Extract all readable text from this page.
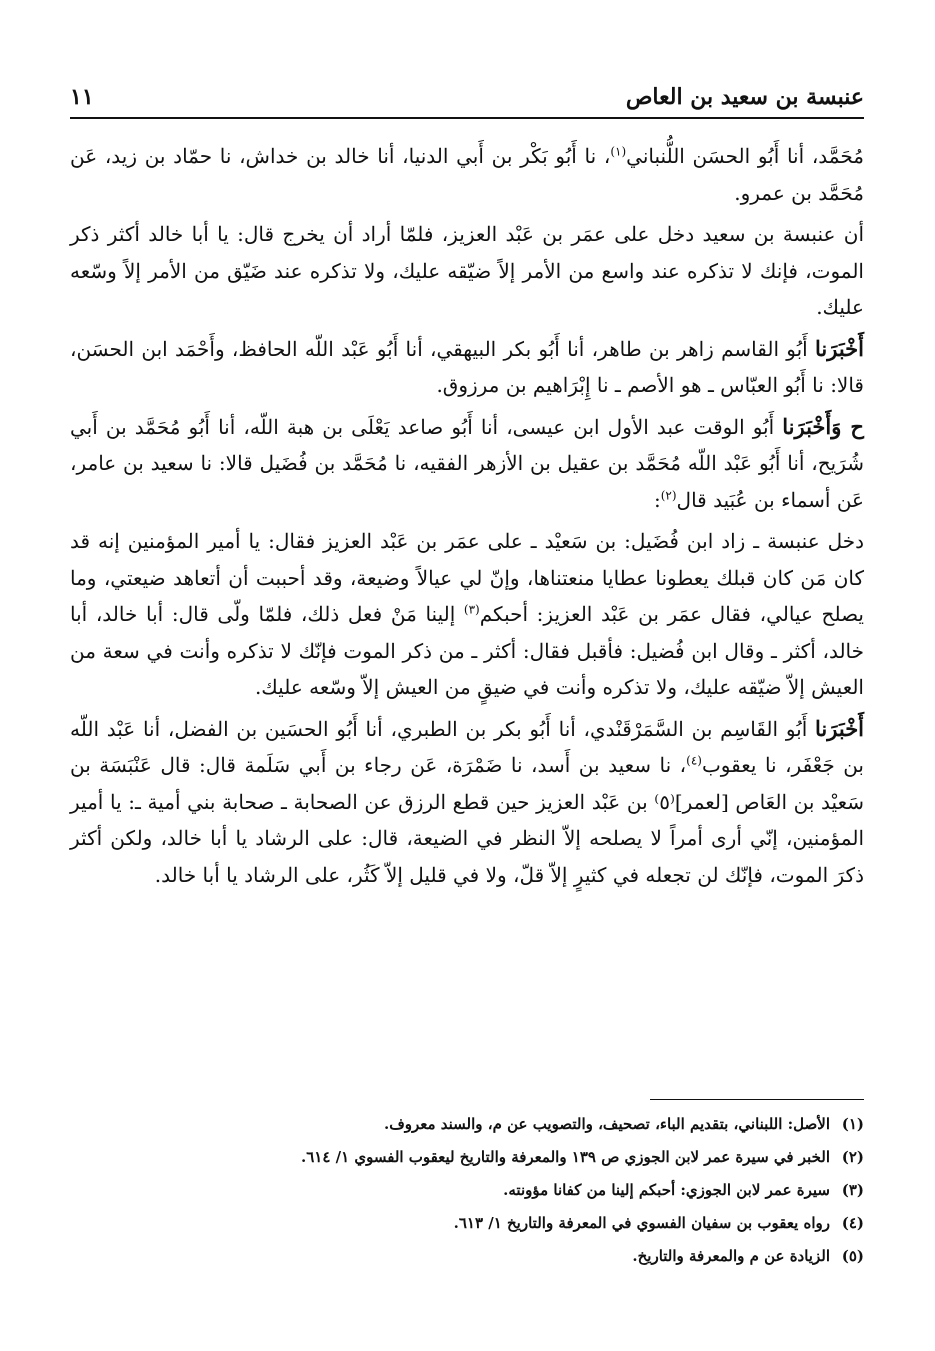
عنبسة بن سعيد بن العاص
١١

مُحَمَّد، أنا أَبُو الحسَن اللُّنباني$^{(١)}$، نا أَبُو بَكْر بن أَبي الدنيا، أنا خالد بن خداش، نا حمّاد بن زيد، عَن مُحَمَّد بن عمرو.

أن عنبسة بن سعيد دخل على عمَر بن عَبْد العزيز، فلمّا أراد أن يخرج قال: يا أبا خالد أكثر ذكر الموت، فإنك لا تذكره عند واسع من الأمر إلاً ضيّقه عليك، ولا تذكره عند ضَيّق من الأمر إلاً وسّعه عليك.

أَخْبَرَنا أَبُو القاسم زاهر بن طاهر، أنا أَبُو بكر البيهقي، أنا أَبُو عَبْد اللّه الحافظ، وأَحْمَد ابن الحسَن، قالا: نا أَبُو العبّاس ـ هو الأصم ـ نا إِبْرَاهيم بن مرزوق.

ح وَأَخْبَرَنا أَبُو الوقت عبد الأول ابن عيسى، أنا أَبُو صاعد يَعْلَى بن هبة اللّه، أنا أَبُو مُحَمَّد بن أَبي شُرَيح، أنا أَبُو عَبْد اللّه مُحَمَّد بن عقيل بن الأزهر الفقيه، نا مُحَمَّد بن فُضَيل قالا: نا سعيد بن عامر، عَن أسماء بن عُبَيد قال$^{(٢)}$:

دخل عنبسة ـ زاد ابن فُضَيل: بن سَعيْد ـ على عمَر بن عَبْد العزيز فقال: يا أمير المؤمنين إنه قد كان مَن كان قبلك يعطونا عطايا منعتناها، وإنّ لي عيالاً وضيعة، وقد أحببت أن أتعاهد ضيعتي، وما يصلح عيالي، فقال عمَر بن عَبْد العزيز: أحبكم$^{(٣)}$ إلينا مَنْ فعل ذلك، فلمّا ولّى قال: أبا خالد، أبا خالد، أكثر ـ وقال ابن فُضيل: فأقبل فقال: أكثر ـ من ذكر الموت فإنّك لا تذكره وأنت في سعة من العيش إلاّ ضيّقه عليك، ولا تذكره وأنت في ضيقٍ من العيش إلاّ وسّعه عليك.

أَخْبَرَنا أَبُو القَاسِم بن السَّمَرْقَنْدي، أنا أَبُو بكر بن الطبري، أنا أَبُو الحسَين بن الفضل، أنا عَبْد اللّه بن جَعْفَر، نا يعقوب$^{(٤)}$، نا سعيد بن أَسد، نا ضَمْرَة، عَن رجاء بن أَبي سَلَمة قال: قال عَنْبَسَة بن سَعيْد بن العَاص [لعمر]⁽٥⁾ بن عَبْد العزيز حين قطع الرزق عن الصحابة ـ صحابة بني أمية ـ: يا أمير المؤمنين، إنّي أرى أمراً لا يصلحه إلاّ النظر في الضيعة، قال: على الرشاد يا أبا خالد، ولكن أكثر ذكرَ الموت، فإنّك لن تجعله في كثيرٍ إلاّ قلّ، ولا في قليل إلاّ كَثُر، على الرشاد يا أبا خالد.

(١)الأصل: اللبناني، بتقديم الباء، تصحيف، والتصويب عن م، والسند معروف.

(٢)الخبر في سيرة عمر لابن الجوزي ص ١٣٩ والمعرفة والتاريخ ليعقوب الفسوي ١/ ٦١٤.

(٣)سيرة عمر لابن الجوزي: أحبكم إلينا من كفانا مؤونته.

(٤)رواه يعقوب بن سفيان الفسوي في المعرفة والتاريخ ١/ ٦١٣.

(٥)الزيادة عن م والمعرفة والتاريخ.
